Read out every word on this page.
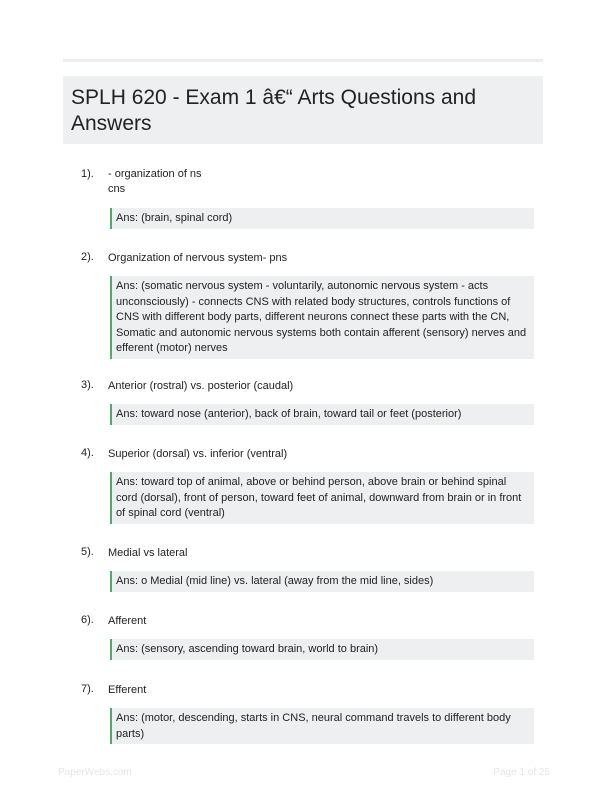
SPLH 620 - Exam 1 â€“ Arts Questions and Answers
1). - organization of ns
cns
Ans: (brain, spinal cord)
2). Organization of nervous system- pns
Ans: (somatic nervous system - voluntarily, autonomic nervous system - acts unconsciously) - connects CNS with related body structures, controls functions of CNS with different body parts, different neurons connect these parts with the CN, Somatic and autonomic nervous systems both contain afferent (sensory) nerves and efferent (motor) nerves
3). Anterior (rostral) vs. posterior (caudal)
Ans: toward nose (anterior), back of brain, toward tail or feet (posterior)
4). Superior (dorsal) vs. inferior (ventral)
Ans: toward top of animal, above or behind person, above brain or behind spinal cord (dorsal), front of person, toward feet of animal, downward from brain or in front of spinal cord (ventral)
5). Medial vs lateral
Ans: o Medial (mid line) vs. lateral (away from the mid line, sides)
6). Afferent
Ans: (sensory, ascending toward brain, world to brain)
7). Efferent
Ans: (motor, descending, starts in CNS, neural command travels to different body parts)
PaperWebs.com	Page 1 of 25
